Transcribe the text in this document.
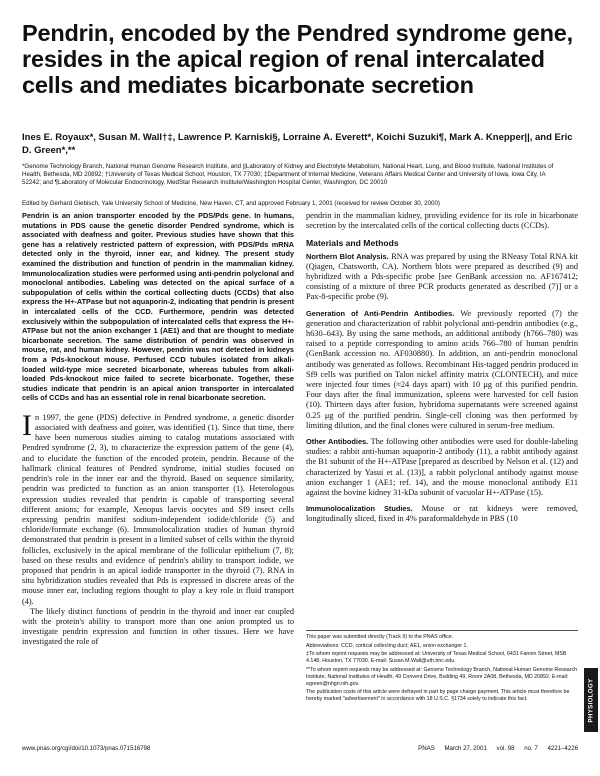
Pendrin, encoded by the Pendred syndrome gene, resides in the apical region of renal intercalated cells and mediates bicarbonate secretion
Ines E. Royaux*, Susan M. Wall†‡, Lawrence P. Karniski§, Lorraine A. Everett*, Koichi Suzuki¶, Mark A. Knepper||, and Eric D. Green*,**
*Genome Technology Branch, National Human Genome Research Institute, and ||Laboratory of Kidney and Electrolyte Metabolism, National Heart, Lung, and Blood Institute, National Institutes of Health, Bethesda, MD 20892; †University of Texas Medical School, Houston, TX 77030; ‡Department of Internal Medicine, Veterans Affairs Medical Center and University of Iowa, Iowa City, IA 52242; and ¶Laboratory of Molecular Endocrinology, MedStar Research Institute/Washington Hospital Center, Washington, DC 20010
Edited by Gerhard Giebisch, Yale University School of Medicine, New Haven, CT, and approved February 1, 2001 (received for review October 30, 2000)

Pendrin is an anion transporter encoded by the PDS/Pds gene. In humans, mutations in PDS cause the genetic disorder Pendred syndrome, which is associated with deafness and goiter. Previous studies have shown that this gene has a relatively restricted pattern of expression, with PDS/Pds mRNA detected only in the thyroid, inner ear, and kidney. The present study examined the distribution and function of pendrin in the mammalian kidney. Immunolocalization studies were performed using anti-pendrin polyclonal and monoclonal antibodies. Labeling was detected on the apical surface of a subpopulation of cells within the cortical collecting ducts (CCDs) that also express the H+-ATPase but not aquaporin-2, indicating that pendrin is present in intercalated cells of the CCD. Furthermore, pendrin was detected exclusively within the subpopulation of intercalated cells that express the H+-ATPase but not the anion exchanger 1 (AE1) and that are thought to mediate bicarbonate secretion. The same distribution of pendrin was observed in mouse, rat, and human kidney. However, pendrin was not detected in kidneys from a Pds-knockout mouse. Perfused CCD tubules isolated from alkali-loaded wild-type mice secreted bicarbonate, whereas tubules from alkali-loaded Pds-knockout mice failed to secrete bicarbonate. Together, these studies indicate that pendrin is an apical anion transporter in intercalated cells of CCDs and has an essential role in renal bicarbonate secretion.

In 1997, the gene (PDS) defective in Pendred syndrome, a genetic disorder associated with deafness and goiter, was identified (1). Since that time, there have been numerous studies aiming to catalog mutations associated with Pendred syndrome (2, 3), to characterize the expression pattern of the gene (4), and to elucidate the function of the encoded protein, pendrin. Because of the hallmark clinical features of Pendred syndrome, initial studies focused on pendrin's role in the inner ear and the thyroid. Based on sequence similarity, pendrin was predicted to function as an anion transporter (1). Heterologous expression studies revealed that pendrin is capable of transporting several different anions; for example, Xenopus laevis oocytes and Sf9 insect cells expressing pendrin manifest sodium-independent iodide/chloride (5) and chloride/formate exchange (6). Immunolocalization studies of human thyroid demonstrated that pendrin is present in a limited subset of cells within the thyroid follicles, exclusively in the apical membrane of the follicular epithelium (7, 8); based on these results and evidence of pendrin's ability to transport iodide, we proposed that pendrin is an apical iodide transporter in the thyroid (7). RNA in situ hybridization studies revealed that Pds is expressed in discrete areas of the mouse inner ear, including regions thought to play a key role in fluid transport (4).

The likely distinct functions of pendrin in the thyroid and inner ear coupled with the protein's ability to transport more than one anion prompted us to investigate pendrin expression and function in other tissues. Here we have investigated the role of

pendrin in the mammalian kidney, providing evidence for its role in bicarbonate secretion by the intercalated cells of the cortical collecting ducts (CCDs).

Materials and Methods

Northern Blot Analysis. RNA was prepared by using the RNeasy Total RNA kit (Qiagen, Chatsworth, CA). Northern blots were prepared as described (9) and hybridized with a Pds-specific probe [see GenBank accession no. AF167412; consisting of a mixture of three PCR products generated as described (7)] or a Pax-8-specific probe (9).

Generation of Anti-Pendrin Antibodies. We previously reported (7) the generation and characterization of rabbit polyclonal anti-pendrin antibodies (e.g., h630–643). By using the same methods, an additional antibody (h766–780) was raised to a peptide corresponding to amino acids 766–780 of human pendrin (GenBank accession no. AF030880). In addition, an anti-pendrin monoclonal antibody was generated as follows. Recombinant His-tagged pendrin produced in Sf9 cells was purified on Talon nickel affinity matrix (CLONTECH), and mice were injected four times (≈24 days apart) with 10 μg of this purified pendrin. Four days after the final immunization, spleens were harvested for cell fusion (10). Thirteen days after fusion, hybridoma supernatants were screened against 0.25 μg of the purified pendrin. Single-cell cloning was then performed by limiting dilution, and the final clones were cultured in serum-free medium.

Other Antibodies. The following other antibodies were used for double-labeling studies: a rabbit anti-human aquaporin-2 antibody (11), a rabbit antibody against the B1 subunit of the H+-ATPase [prepared as described by Nelson et al. (12) and characterized by Yasui et al. (13)], a rabbit polyclonal antibody against mouse anion exchanger 1 (AE1; ref. 14), and the mouse monoclonal antibody E11 against the bovine kidney 31-kDa subunit of vacuolar H+-ATPase (15).

Immunolocalization Studies. Mouse or rat kidneys were removed, longitudinally sliced, fixed in 4% paraformaldehyde in PBS (10

This paper was submitted directly (Track II) to the PNAS office.

Abbreviations: CCD, cortical collecting duct; AE1, anion exchanger 1.

‡To whom reprint requests may be addressed at: University of Texas Medical School, 6431 Fannin Street, MSB 4.148, Houston, TX 77030. E-mail: Susan.M.Wall@uth.tmc.edu.

**To whom reprint requests may be addressed at: Genome Technology Branch, National Human Genome Research Institute, National Institutes of Health, 49 Convent Drive, Building 49, Room 2A08, Bethesda, MD 20892. E-mail: egreen@nhgri.nih.gov.

The publication costs of this article were defrayed in part by page charge payment. This article must therefore be hereby marked "advertisement" in accordance with 18 U.S.C. §1734 solely to indicate this fact.

www.pnas.org/cgi/doi/10.1073/pnas.071516798	PNAS March 27, 2001 vol. 98 no. 7 4221–4226
PHYSIOLOGY
